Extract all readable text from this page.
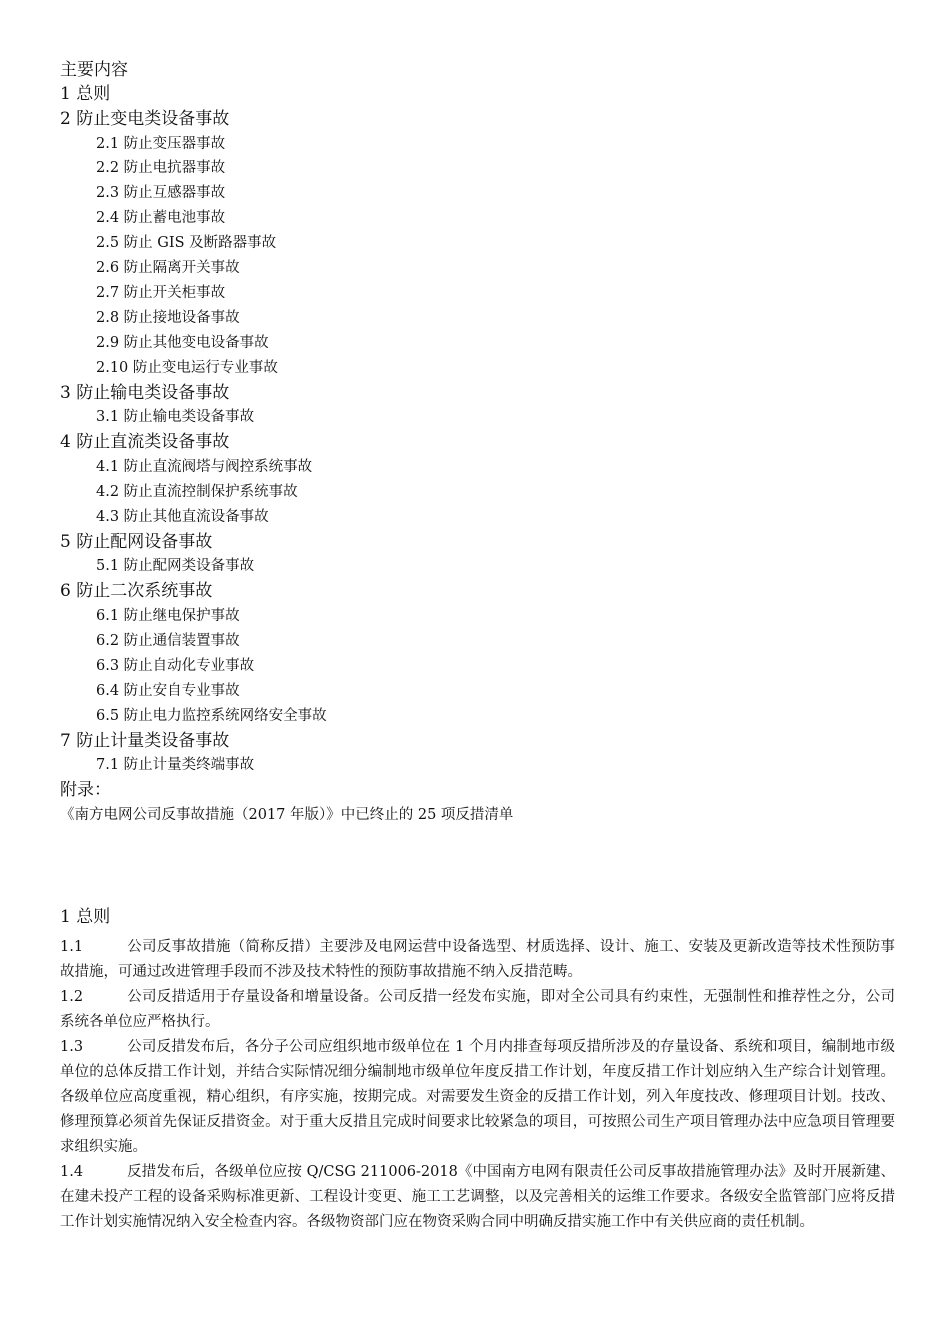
主要内容
1 总则
2 防止变电类设备事故
2.1 防止变压器事故
2.2 防止电抗器事故
2.3 防止互感器事故
2.4 防止蓄电池事故
2.5 防止 GIS 及断路器事故
2.6 防止隔离开关事故
2.7 防止开关柜事故
2.8 防止接地设备事故
2.9 防止其他变电设备事故
2.10 防止变电运行专业事故
3 防止输电类设备事故
3.1 防止输电类设备事故
4 防止直流类设备事故
4.1 防止直流阀塔与阀控系统事故
4.2 防止直流控制保护系统事故
4.3 防止其他直流设备事故
5 防止配网设备事故
5.1 防止配网类设备事故
6 防止二次系统事故
6.1 防止继电保护事故
6.2 防止通信装置事故
6.3 防止自动化专业事故
6.4 防止安自专业事故
6.5 防止电力监控系统网络安全事故
7 防止计量类设备事故
7.1 防止计量类终端事故
附录：
《南方电网公司反事故措施（2017 年版）》中已终止的 25 项反措清单
1 总则

1.1	公司反事故措施（简称反措）主要涉及电网运营中设备选型、材质选择、设计、施工、安装及更新改造等技术性预防事故措施，可通过改进管理手段而不涉及技术特性的预防事故措施不纳入反措范畴。

1.2	公司反措适用于存量设备和增量设备。公司反措一经发布实施，即对全公司具有约束性，无强制性和推荐性之分，公司系统各单位应严格执行。

1.3	公司反措发布后，各分子公司应组织地市级单位在 1 个月内排查每项反措所涉及的存量设备、系统和项目，编制地市级单位的总体反措工作计划，并结合实际情况细分编制地市级单位年度反措工作计划，年度反措工作计划应纳入生产综合计划管理。各级单位应高度重视，精心组织，有序实施，按期完成。对需要发生资金的反措工作计划，列入年度技改、修理项目计划。技改、修理预算必须首先保证反措资金。对于重大反措且完成时间要求比较紧急的项目，可按照公司生产项目管理办法中应急项目管理要求组织实施。

1.4	反措发布后，各级单位应按 Q/CSG 211006-2018《中国南方电网有限责任公司反事故措施管理办法》及时开展新建、在建未投产工程的设备采购标准更新、工程设计变更、施工工艺调整，以及完善相关的运维工作要求。各级安全监管部门应将反措工作计划实施情况纳入安全检查内容。各级物资部门应在物资采购合同中明确反措实施工作中有关供应商的责任机制。
